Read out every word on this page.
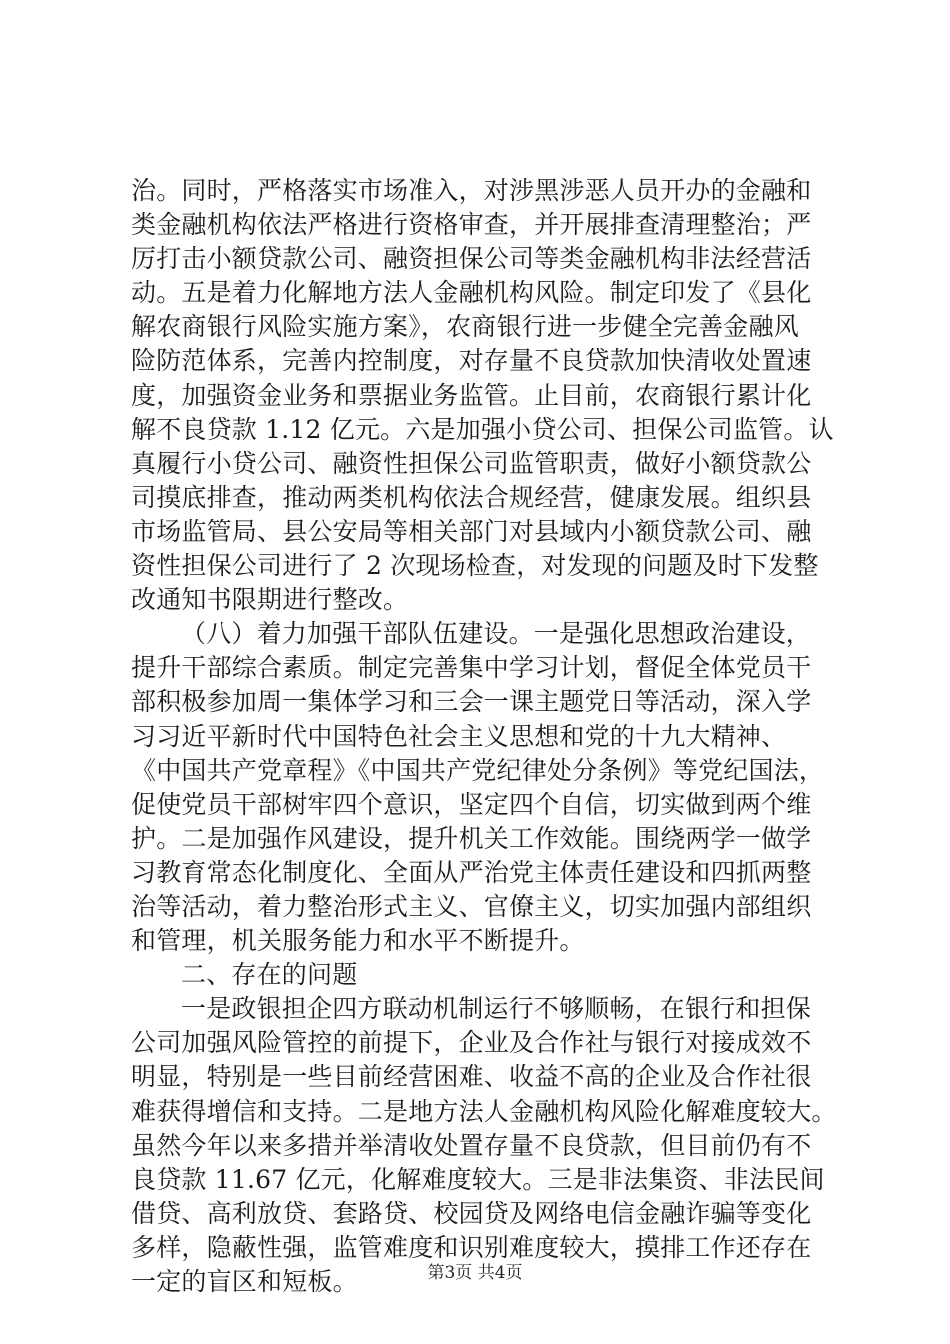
治。同时，严格落实市场准入，对涉黑涉恶人员开办的金融和
类金融机构依法严格进行资格审查，并开展排查清理整治；严
厉打击小额贷款公司、融资担保公司等类金融机构非法经营活
动。五是着力化解地方法人金融机构风险。制定印发了《县化
解农商银行风险实施方案》，农商银行进一步健全完善金融风
险防范体系，完善内控制度，对存量不良贷款加快清收处置速
度，加强资金业务和票据业务监管。止目前，农商银行累计化
解不良贷款 1.12 亿元。六是加强小贷公司、担保公司监管。认
真履行小贷公司、融资性担保公司监管职责，做好小额贷款公
司摸底排查，推动两类机构依法合规经营，健康发展。组织县
市场监管局、县公安局等相关部门对县域内小额贷款公司、融
资性担保公司进行了 2 次现场检查，对发现的问题及时下发整
改通知书限期进行整改。
（八）着力加强干部队伍建设。一是强化思想政治建设，
提升干部综合素质。制定完善集中学习计划，督促全体党员干
部积极参加周一集体学习和三会一课主题党日等活动，深入学
习习近平新时代中国特色社会主义思想和党的十九大精神、
《中国共产党章程》《中国共产党纪律处分条例》等党纪国法，
促使党员干部树牢四个意识，坚定四个自信，切实做到两个维
护。二是加强作风建设，提升机关工作效能。围绕两学一做学
习教育常态化制度化、全面从严治党主体责任建设和四抓两整
治等活动，着力整治形式主义、官僚主义，切实加强内部组织
和管理，机关服务能力和水平不断提升。
二、存在的问题
一是政银担企四方联动机制运行不够顺畅，在银行和担保
公司加强风险管控的前提下，企业及合作社与银行对接成效不
明显，特别是一些目前经营困难、收益不高的企业及合作社很
难获得增信和支持。二是地方法人金融机构风险化解难度较大。
虽然今年以来多措并举清收处置存量不良贷款，但目前仍有不
良贷款 11.67 亿元，化解难度较大。三是非法集资、非法民间
借贷、高利放贷、套路贷、校园贷及网络电信金融诈骗等变化
多样，隐蔽性强，监管难度和识别难度较大，摸排工作还存在
一定的盲区和短板。	第3页 共4页
